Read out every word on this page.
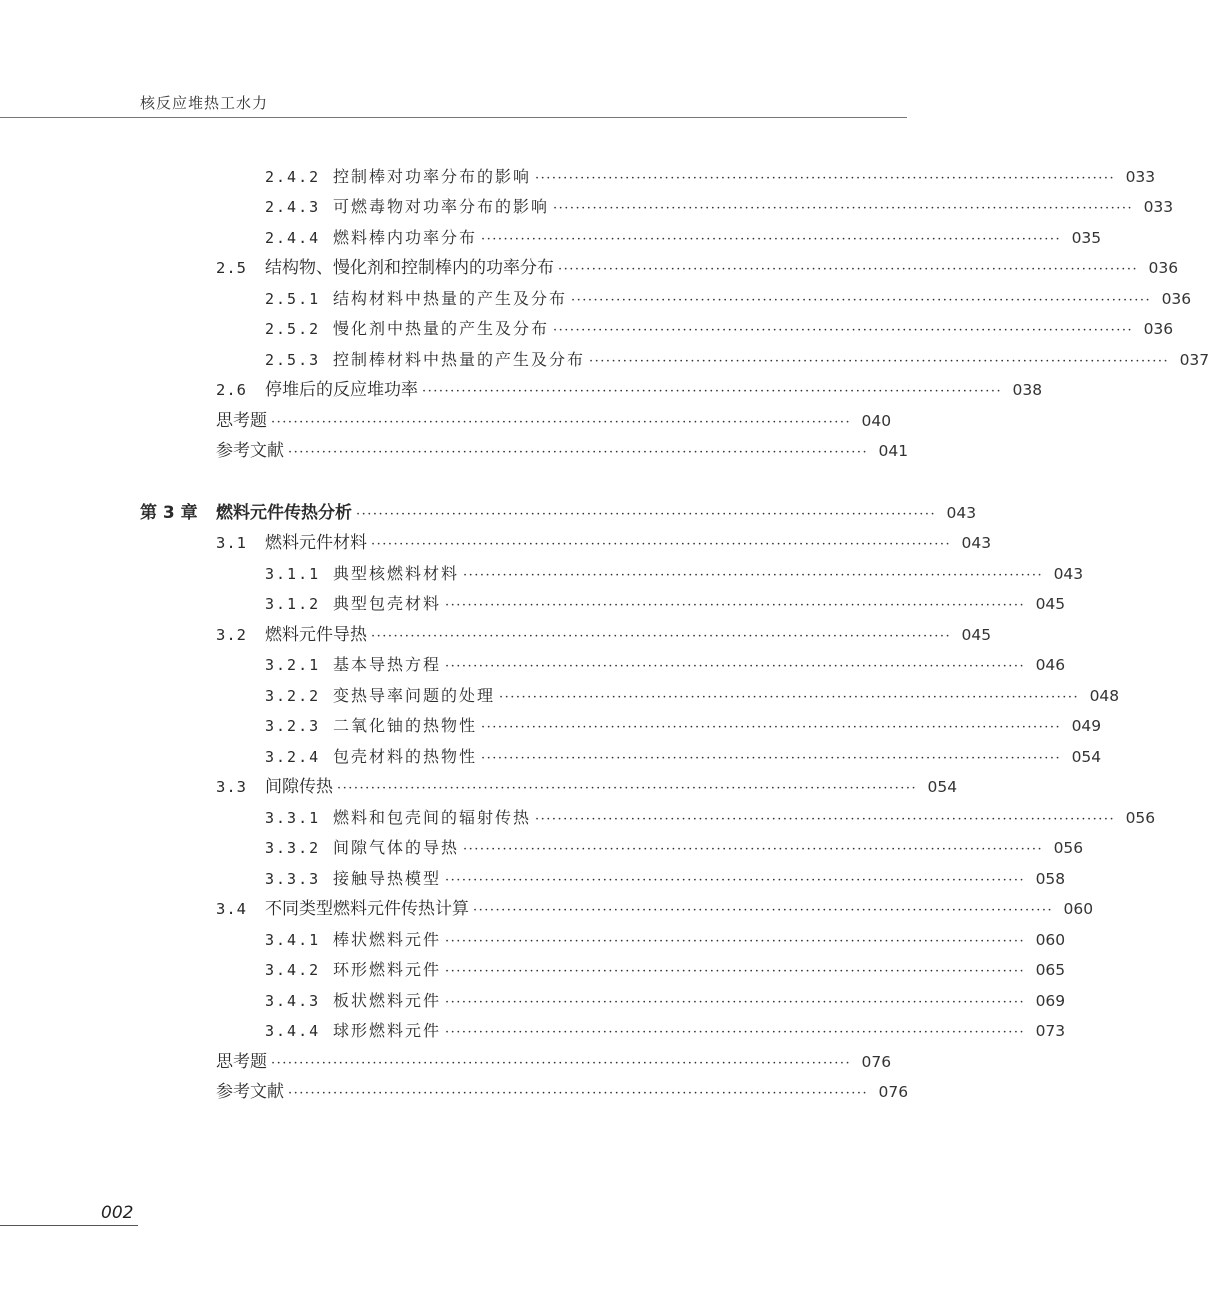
核反应堆热工水力
2.4.2 控制棒对功率分布的影响 ······································································································· 033
2.4.3 可燃毒物对功率分布的影响 ······································································································· 033
2.4.4 燃料棒内功率分布 ······································································································· 035
2.5	结构物、慢化剂和控制棒内的功率分布 ······································································································· 036
2.5.1 结构材料中热量的产生及分布 ······································································································· 036
2.5.2 慢化剂中热量的产生及分布 ······································································································· 036
2.5.3 控制棒材料中热量的产生及分布 ······································································································· 037
2.6	停堆后的反应堆功率 ······································································································· 038
思考题 ······································································································· 040
参考文献 ······································································································· 041
第 3 章	燃料元件传热分析 ······································································································· 043
3.1	燃料元件材料 ······································································································· 043
3.1.1 典型核燃料材料 ······································································································· 043
3.1.2 典型包壳材料 ······································································································· 045
3.2	燃料元件导热 ······································································································· 045
3.2.1 基本导热方程 ······································································································· 046
3.2.2 变热导率问题的处理 ······································································································· 048
3.2.3 二氧化铀的热物性 ······································································································· 049
3.2.4 包壳材料的热物性 ······································································································· 054
3.3	间隙传热 ······································································································· 054
3.3.1 燃料和包壳间的辐射传热 ······································································································· 056
3.3.2 间隙气体的导热 ······································································································· 056
3.3.3 接触导热模型 ······································································································· 058
3.4	不同类型燃料元件传热计算 ······································································································· 060
3.4.1 棒状燃料元件 ······································································································· 060
3.4.2 环形燃料元件 ······································································································· 065
3.4.3 板状燃料元件 ······································································································· 069
3.4.4 球形燃料元件 ······································································································· 073
思考题 ······································································································· 076
参考文献 ······································································································· 076
002
